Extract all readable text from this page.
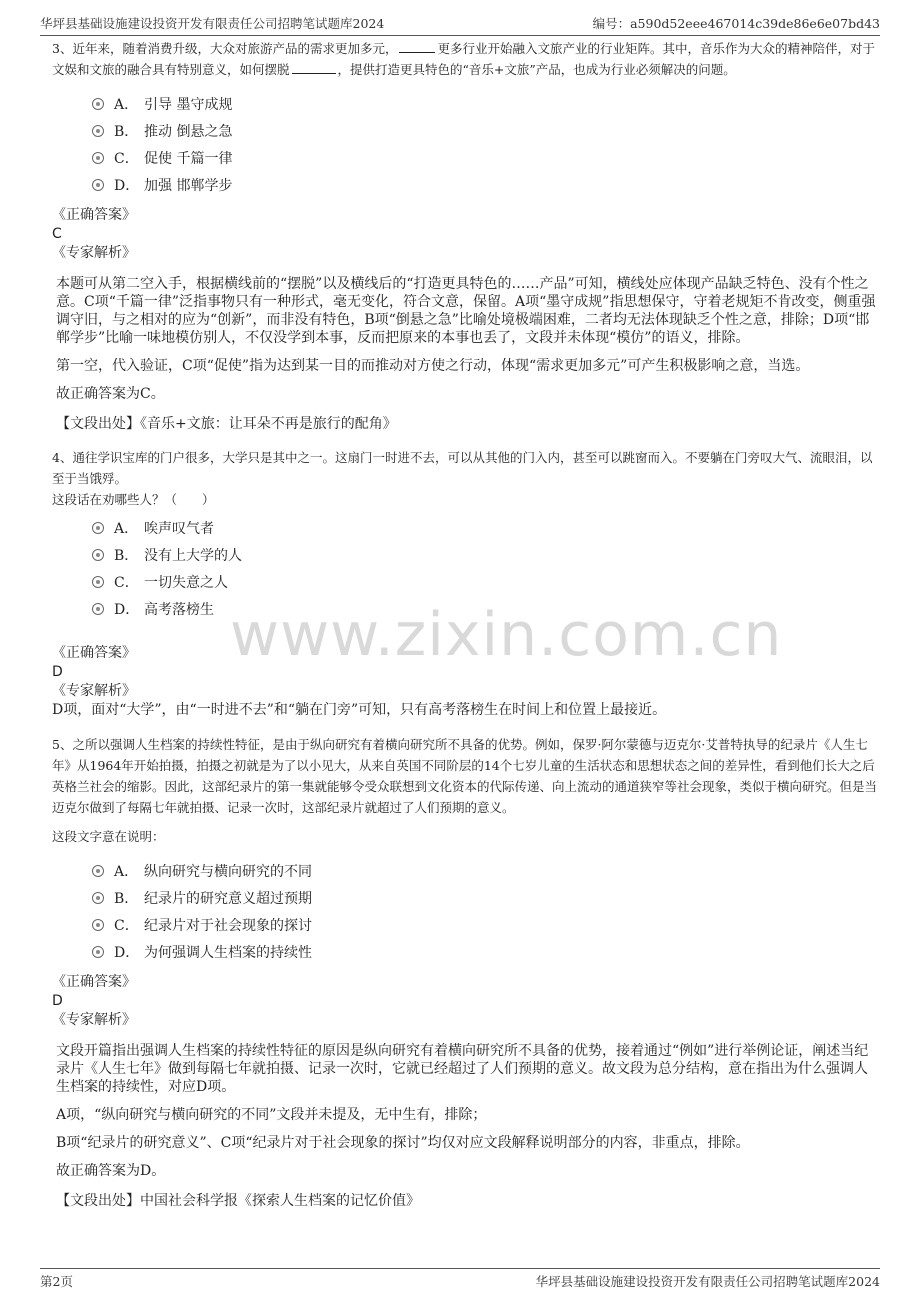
华坪县基础设施建设投资开发有限责任公司招聘笔试题库2024	编号：a590d52eee467014c39de86e6e07bd43
www.zixin.com.cn

3、近年来，随着消费升级，大众对旅游产品的需求更加多元，	更多行业开始融入文旅产业的行业矩阵。其中，音乐作为大众的精神陪伴，对于文娱和文旅的融合具有特别意义，如何摆脱	，提供打造更具特色的“音乐+文旅”产品，也成为行业必须解决的问题。

A． 引导 墨守成规
B． 推动 倒悬之急
C． 促使 千篇一律
D． 加强 邯郸学步

《正确答案》

C

《专家解析》

本题可从第二空入手，根据横线前的“摆脱”以及横线后的“打造更具特色的……产品”可知，横线处应体现产品缺乏特色、没有个性之意。C项“千篇一律”泛指事物只有一种形式，毫无变化，符合文意，保留。A项“墨守成规”指思想保守，守着老规矩不肯改变，侧重强调守旧，与之相对的应为“创新”，而非没有特色，B项“倒悬之急”比喻处境极端困难，二者均无法体现缺乏个性之意，排除；D项“邯郸学步”比喻一味地模仿别人，不仅没学到本事，反而把原来的本事也丢了，文段并未体现“模仿”的语义，排除。

第一空，代入验证，C项“促使”指为达到某一目的而推动对方使之行动，体现“需求更加多元”可产生积极影响之意，当选。

故正确答案为C。

【文段出处】《音乐+文旅：让耳朵不再是旅行的配角》

4、通往学识宝库的门户很多，大学只是其中之一。这扇门一时进不去，可以从其他的门入内，甚至可以跳窗而入。不要躺在门旁叹大气、流眼泪，以至于当饿殍。

这段话在劝哪些人？（　　）

A． 唉声叹气者
B． 没有上大学的人
C． 一切失意之人
D． 高考落榜生

《正确答案》

D

《专家解析》

D项，面对“大学”，由“一时进不去”和“躺在门旁”可知，只有高考落榜生在时间上和位置上最接近。

5、之所以强调人生档案的持续性特征，是由于纵向研究有着横向研究所不具备的优势。例如，保罗·阿尔蒙德与迈克尔·艾普特执导的纪录片《人生七年》从1964年开始拍摄，拍摄之初就是为了以小见大，从来自英国不同阶层的14个七岁儿童的生活状态和思想状态之间的差异性，看到他们长大之后英格兰社会的缩影。因此，这部纪录片的第一集就能够令受众联想到文化资本的代际传递、向上流动的通道狭窄等社会现象，类似于横向研究。但是当迈克尔做到了每隔七年就拍摄、记录一次时，这部纪录片就超过了人们预期的意义。

这段文字意在说明：

A． 纵向研究与横向研究的不同
B． 纪录片的研究意义超过预期
C． 纪录片对于社会现象的探讨
D． 为何强调人生档案的持续性

《正确答案》

D

《专家解析》

文段开篇指出强调人生档案的持续性特征的原因是纵向研究有着横向研究所不具备的优势，接着通过“例如”进行举例论证，阐述当纪录片《人生七年》做到每隔七年就拍摄、记录一次时，它就已经超过了人们预期的意义。故文段为总分结构，意在指出为什么强调人生档案的持续性，对应D项。

A项，“纵向研究与横向研究的不同”文段并未提及，无中生有，排除；

B项“纪录片的研究意义”、C项“纪录片对于社会现象的探讨”均仅对应文段解释说明部分的内容，非重点，排除。

故正确答案为D。

【文段出处】中国社会科学报《探索人生档案的记忆价值》

第2页	华坪县基础设施建设投资开发有限责任公司招聘笔试题库2024
